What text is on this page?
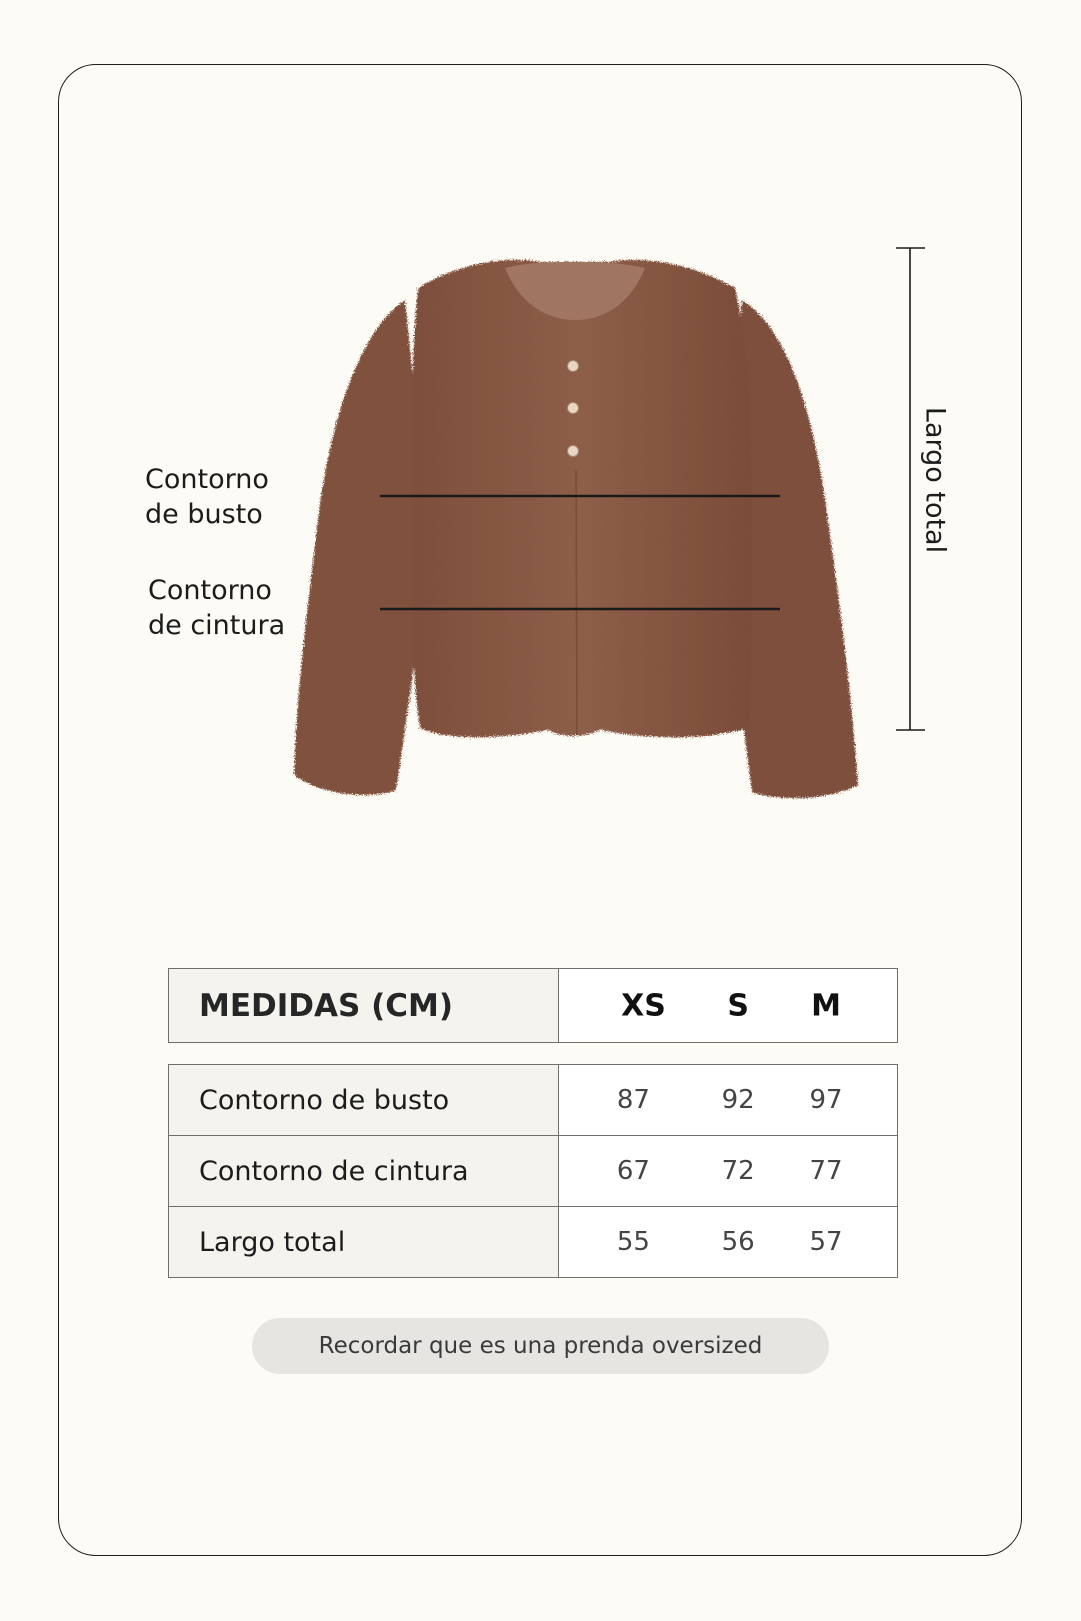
Contorno
de busto
Contorno
de cintura
Largo total
MEDIDAS (CM)	XS S M
Contorno de busto	87 92 97

Contorno de cintura	67 72 77

Largo total	55 56 57
Recordar que es una prenda oversized
